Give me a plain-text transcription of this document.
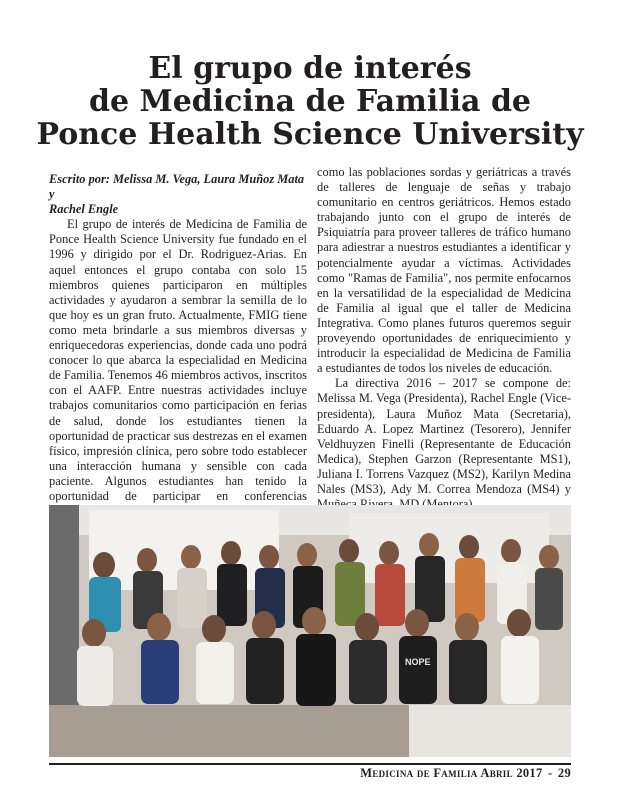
El grupo de interés
de Medicina de Familia de
Ponce Health Science University

Escrito por: Melissa M. Vega, Laura Muñoz Mata y
Rachel Engle

El grupo de interés de Medicina de Familia de Ponce Health Science University fue fundado en el 1996 y dirigido por el Dr. Rodriguez-Arias. En aquel entonces el grupo contaba con solo 15 miembros quienes participaron en múltiples actividades y ayudaron a sembrar la semilla de lo que hoy es un gran fruto. Actualmente, FMIG tiene como meta brindarle a sus miembros diversas y enriquecedoras experiencias, donde cada uno podrá conocer lo que abarca la especialidad en Medicina de Familia. Tenemos 46 miembros activos, inscritos con el AAFP. Entre nuestras actividades incluye trabajos comunitarios como participación en ferias de salud, donde los estudiantes tienen la oportunidad de practicar sus destrezas en el examen físico, impresión clínica, pero sobre todo establecer una interacción humana y sensible con cada paciente. Algunos estudiantes han tenido la oportunidad de participar en conferencias

como las poblaciones sordas y geriátricas a través de talleres de lenguaje de señas y trabajo comunitario en centros geriátricos. Hemos estado trabajando junto con el grupo de interés de Psiquiatría para proveer talleres de tráfico humano para adiestrar a nuestros estudiantes a identificar y potencialmente ayudar a víctimas. Actividades como "Ramas de Familia", nos permite enfocarnos en la versatilidad de la especialidad de Medicina de Familia al igual que el taller de Medicina Integrativa. Como planes futuros queremos seguir proveyendo oportunidades de enriquecimiento y introducir la especialidad de Medicina de Familia a estudiantes de todos los niveles de educación.

La directiva 2016 – 2017 se compone de: Melissa M. Vega (Presidenta), Rachel Engle (Vice-presidenta), Laura Muñoz Mata (Secretaria), Eduardo A. Lopez Martinez (Tesorero), Jennifer Veldhuyzen Finelli (Representante de Educación Medica), Stephen Garzon (Representante MS1), Juliana I. Torrens Vazquez (MS2), Karilyn Medina Nales (MS3), Ady M. Correa Mendoza (MS4) y

NOPE
Medicina de Familia Abril 2017 - 29
